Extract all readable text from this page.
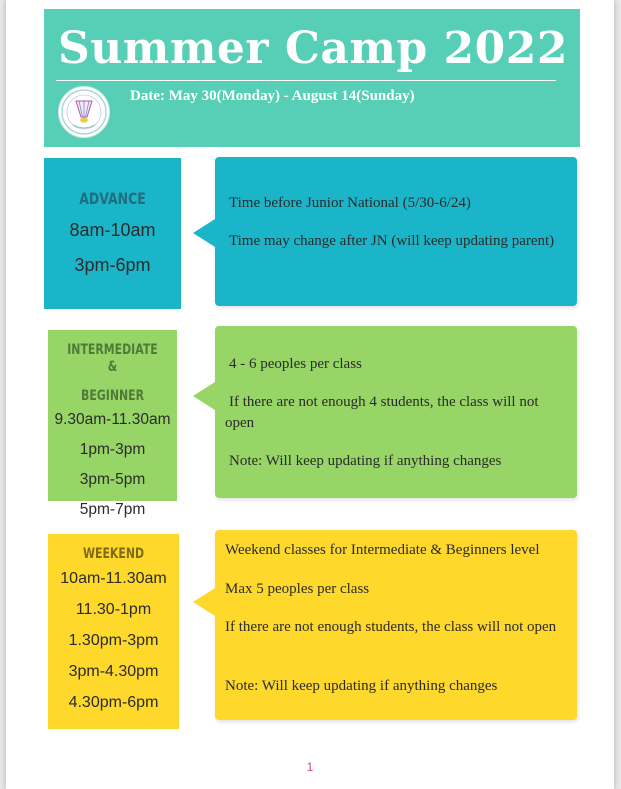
Summer Camp 2022
Date: May 30(Monday) - August 14(Sunday)
ADVANCE
8am-10am
3pm-6pm

Time before Junior National (5/30-6/24)

Time may change after JN (will keep updating parent)

INTERMEDIATE &
BEGINNER
9.30am-11.30am
1pm-3pm
3pm-5pm
5pm-7pm

4 - 6 peoples per class

If there are not enough 4 students, the class will not open

Note: Will keep updating if anything changes

WEEKEND
10am-11.30am
11.30-1pm
1.30pm-3pm
3pm-4.30pm
4.30pm-6pm

Weekend classes for Intermediate & Beginners level

Max 5 peoples per class

If there are not enough students, the class will not open

Note: Will keep updating if anything changes

1
